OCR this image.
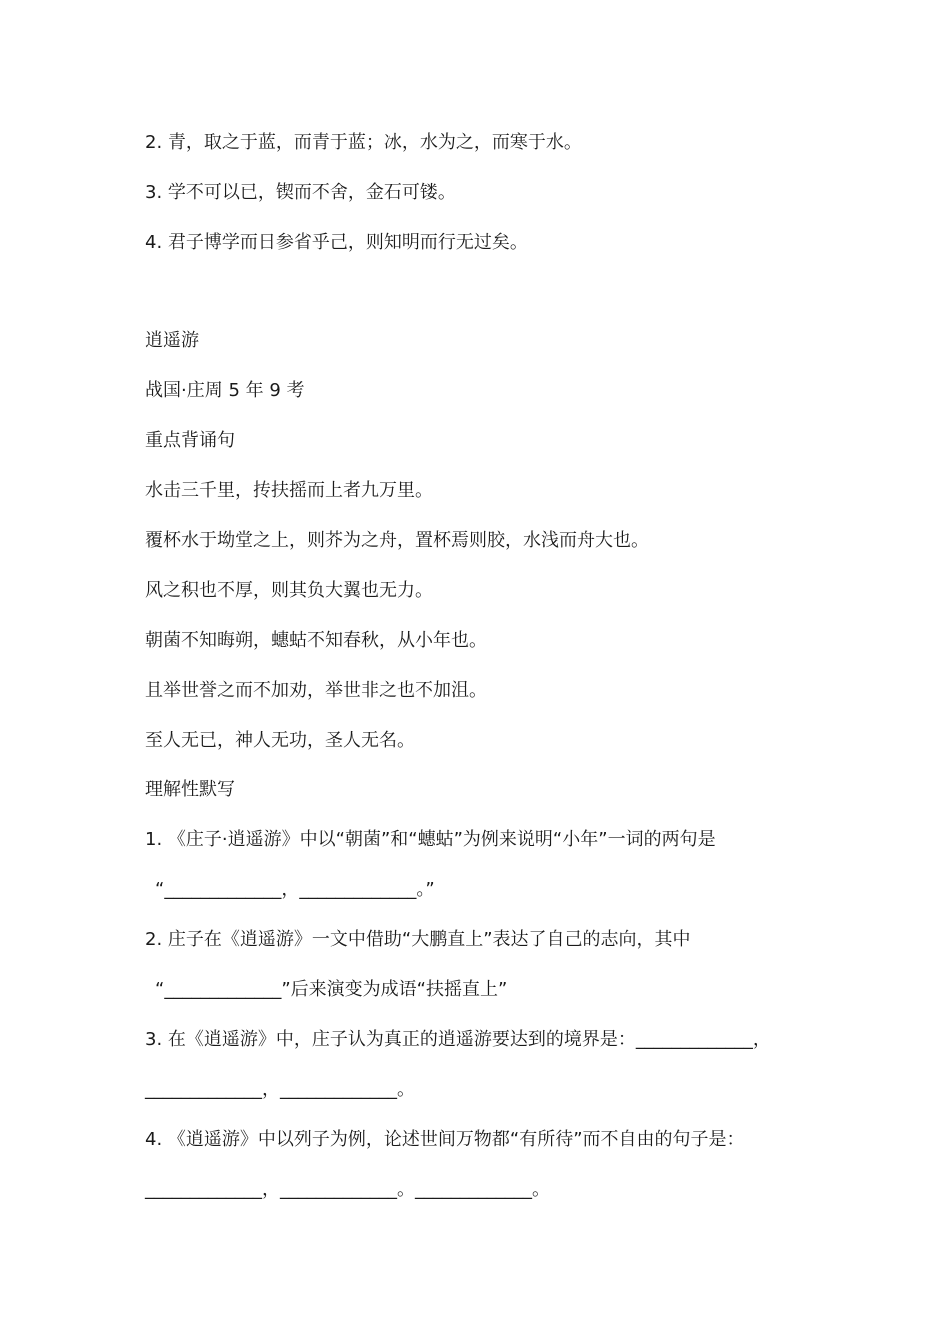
2. 青，取之于蓝，而青于蓝；冰，水为之，而寒于水。
3. 学不可以已，锲而不舍，金石可镂。
4. 君子博学而日参省乎己，则知明而行无过矣。
逍遥游
战国·庄周 5 年 9 考
重点背诵句
水击三千里，抟扶摇而上者九万里。
覆杯水于坳堂之上，则芥为之舟，置杯焉则胶，水浅而舟大也。
风之积也不厚，则其负大翼也无力。
朝菌不知晦朔，蟪蛄不知春秋，从小年也。
且举世誉之而不加劝，举世非之也不加沮。
至人无已，神人无功，圣人无名。
理解性默写
1. 《庄子·逍遥游》中以“朝菌”和“蟪蛄”为例来说明“小年”一词的两句是
“_____________，_____________。”
2. 庄子在《逍遥游》一文中借助“大鹏直上”表达了自己的志向，其中
“_____________”后来演变为成语“扶摇直上”
3. 在《逍遥游》中，庄子认为真正的逍遥游要达到的境界是：_____________，
_____________，_____________。
4. 《逍遥游》中以列子为例，论述世间万物都“有所待”而不自由的句子是：
_____________，_____________。_____________。
